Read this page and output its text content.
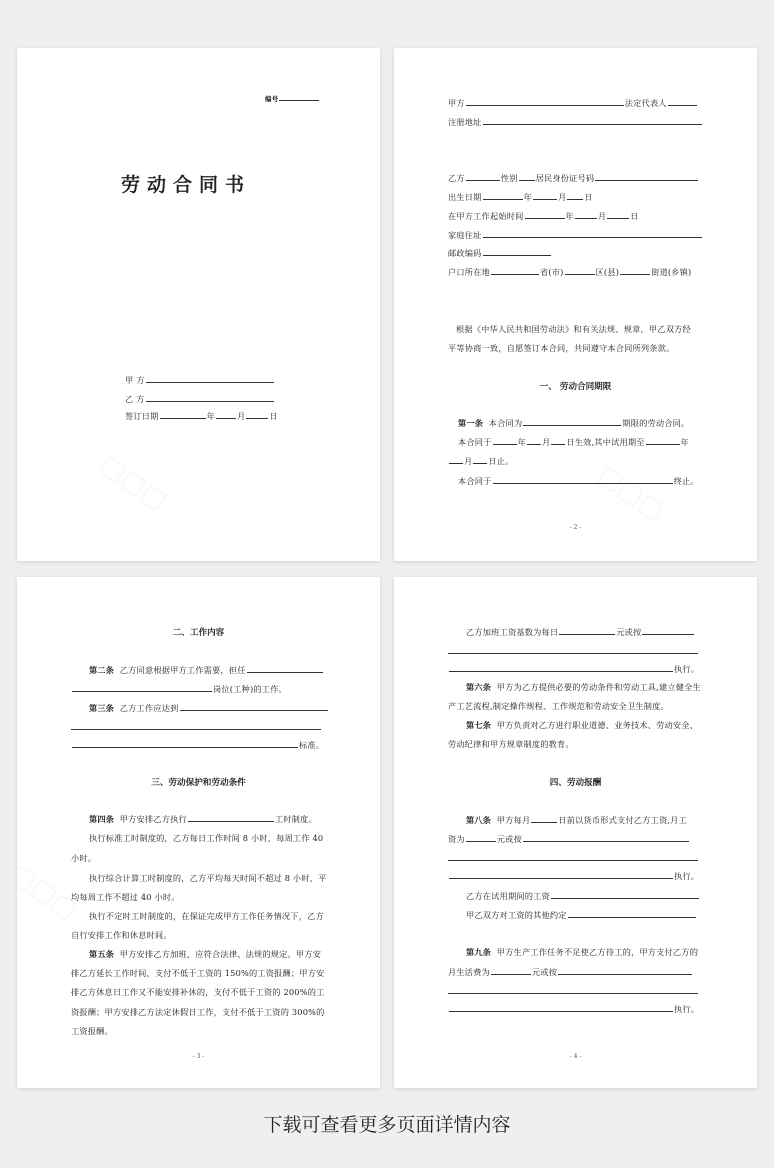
编号
劳动合同书
甲 方
乙 方
签订日期	年	月	日
甲方	法定代表人
注册地址
乙方	性别 居民身份证号码
出生日期	年	月 日
在甲方工作起始时间	年	月	日
家庭住址
邮政编码
户口所在地	省(市)	区(县)	街道(乡镇)
根据《中华人民共和国劳动法》和有关法规、规章，甲乙双方经
平等协商一致，自愿签订本合同，共同遵守本合同所列条款。
一、 劳动合同期限
第一条 本合同为	期限的劳动合同。
本合同于	年 月 日生效,其中试用期至	年
月 日止。
本合同于	终止。
- 2 -
二、工作内容
第二条 乙方同意根据甲方工作需要，担任
岗位(工种)的工作。
第三条 乙方工作应达到
标准。
三、劳动保护和劳动条件
第四条 甲方安排乙方执行	工时制度。
执行标准工时制度的，乙方每日工作时间 8 小时，每周工作 40
小时。
执行综合计算工时制度的，乙方平均每天时间不超过 8 小时，平
均每周工作不超过 40 小时。
执行不定时工时制度的，在保证完成甲方工作任务情况下，乙方
自行安排工作和休息时间。
第五条 甲方安排乙方加班，应符合法律、法规的规定。甲方安
排乙方延长工作时间，支付不低于工资的 150%的工资报酬；甲方安
排乙方休息日工作又不能安排补休的，支付不低于工资的 200%的工
资报酬；甲方安排乙方法定休假日工作，支付不低于工资的 300%的
工资报酬。
- 3 -
乙方加班工资基数为每日	元或按
执行。
第六条 甲方为乙方提供必要的劳动条件和劳动工具,建立健全生
产工艺流程,制定操作规程、工作规范和劳动安全卫生制度。
第七条 甲方负责对乙方进行职业道德、业务技术、劳动安全、
劳动纪律和甲方规章制度的教育。
四、劳动报酬
第八条 甲方每月	日前以货币形式支付乙方工资,月工
资为	元或按
执行。
乙方在试用期间的工资
甲乙双方对工资的其他约定
第九条 甲方生产工作任务不足使乙方待工的，甲方支付乙方的
月生活费为	元或按
执行。
- 4 -
下载可查看更多页面详情内容
